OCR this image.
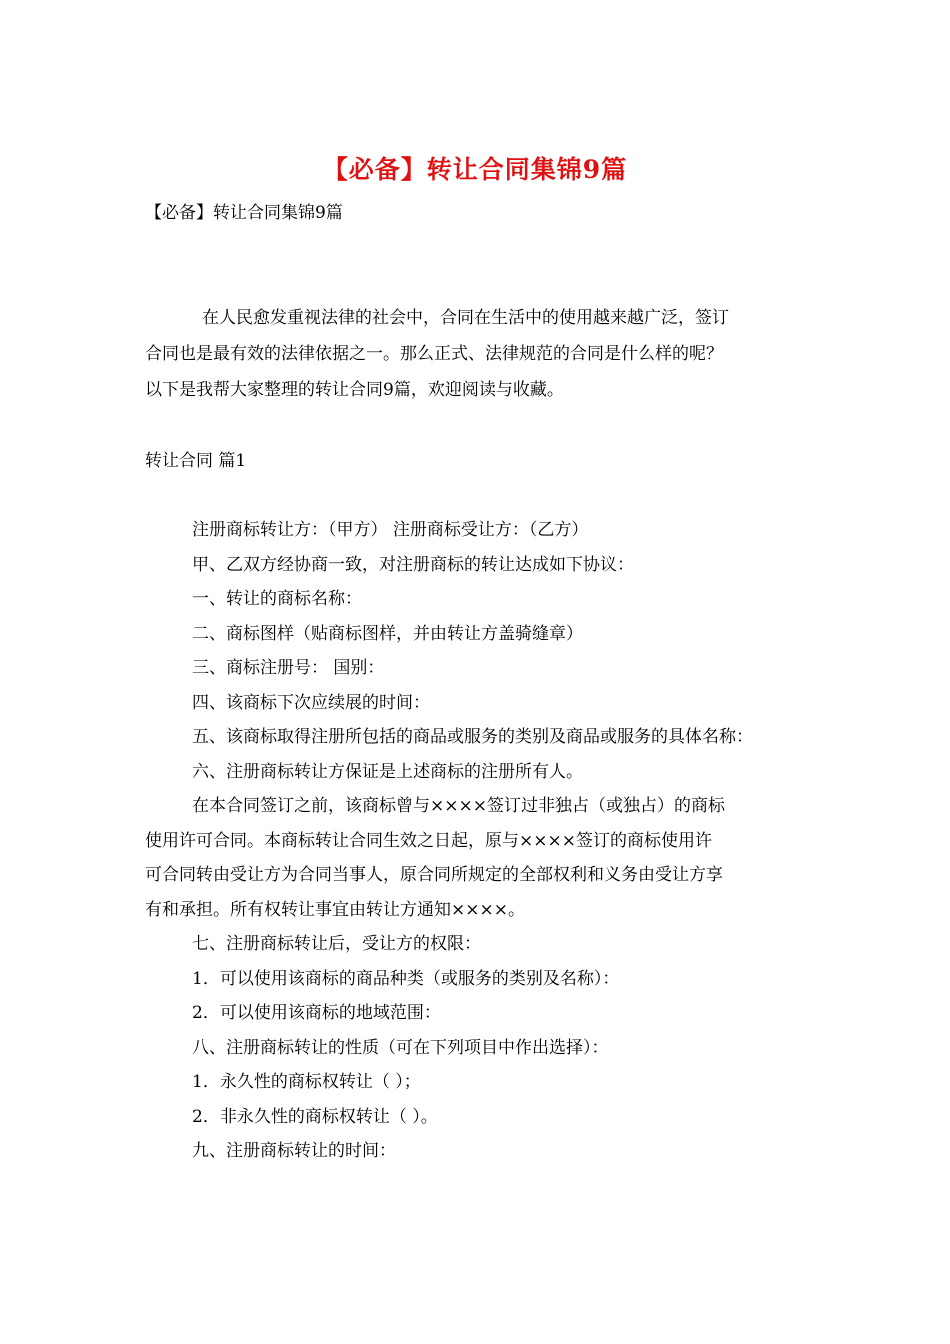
【必备】转让合同集锦9篇
【必备】转让合同集锦9篇
在人民愈发重视法律的社会中，合同在生活中的使用越来越广泛，签订
合同也是最有效的法律依据之一。那么正式、法律规范的合同是什么样的呢？
以下是我帮大家整理的转让合同9篇，欢迎阅读与收藏。
转让合同 篇1
注册商标转让方：（甲方） 注册商标受让方：（乙方）
甲、乙双方经协商一致，对注册商标的转让达成如下协议：
一、转让的商标名称：
二、商标图样（贴商标图样，并由转让方盖骑缝章）
三、商标注册号： 国别：
四、该商标下次应续展的时间：
五、该商标取得注册所包括的商品或服务的类别及商品或服务的具体名称：
六、注册商标转让方保证是上述商标的注册所有人。
在本合同签订之前，该商标曾与××××签订过非独占（或独占）的商标
使用许可合同。本商标转让合同生效之日起，原与××××签订的商标使用许
可合同转由受让方为合同当事人，原合同所规定的全部权利和义务由受让方享
有和承担。所有权转让事宜由转让方通知××××。
七、注册商标转让后，受让方的权限：
1．可以使用该商标的商品种类（或服务的类别及名称）：
2．可以使用该商标的地域范围：
八、注册商标转让的性质（可在下列项目中作出选择）：
1．永久性的商标权转让（ ）；
2．非永久性的商标权转让（ ）。
九、注册商标转让的时间：
